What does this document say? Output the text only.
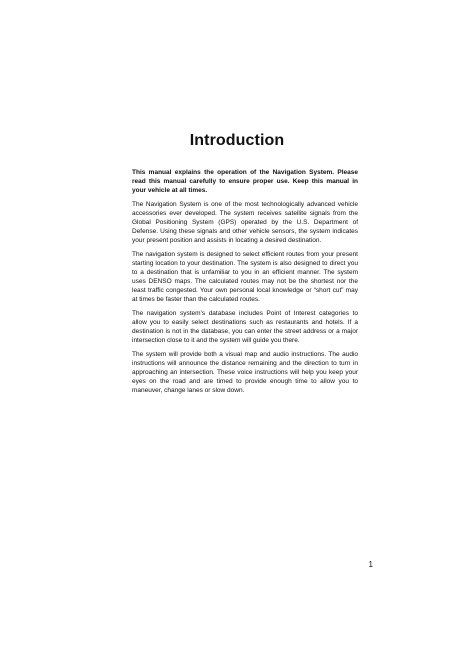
Introduction

This manual explains the operation of the Navigation System. Please read this manual carefully to ensure proper use. Keep this manual in your vehicle at all times.

The Navigation System is one of the most technologically advanced vehicle accessories ever developed. The system receives satellite signals from the Global Positioning System (GPS) operated by the U.S. Department of Defense. Using these signals and other vehicle sensors, the system indicates your present position and assists in locating a desired destination.

The navigation system is designed to select efficient routes from your present starting location to your destination. The system is also designed to direct you to a destination that is unfamiliar to you in an efficient manner. The system uses DENSO maps. The calculated routes may not be the shortest nor the least traffic congested. Your own personal local knowledge or “short cut” may at times be faster than the calculated routes.

The navigation system’s database includes Point of Interest categories to allow you to easily select destinations such as restaurants and hotels. If a destination is not in the database, you can enter the street address or a major intersection close to it and the system will guide you there.

The system will provide both a visual map and audio instructions. The audio instructions will announce the distance remaining and the direction to turn in approaching an intersection. These voice instructions will help you keep your eyes on the road and are timed to provide enough time to allow you to maneuver, change lanes or slow down.

1
